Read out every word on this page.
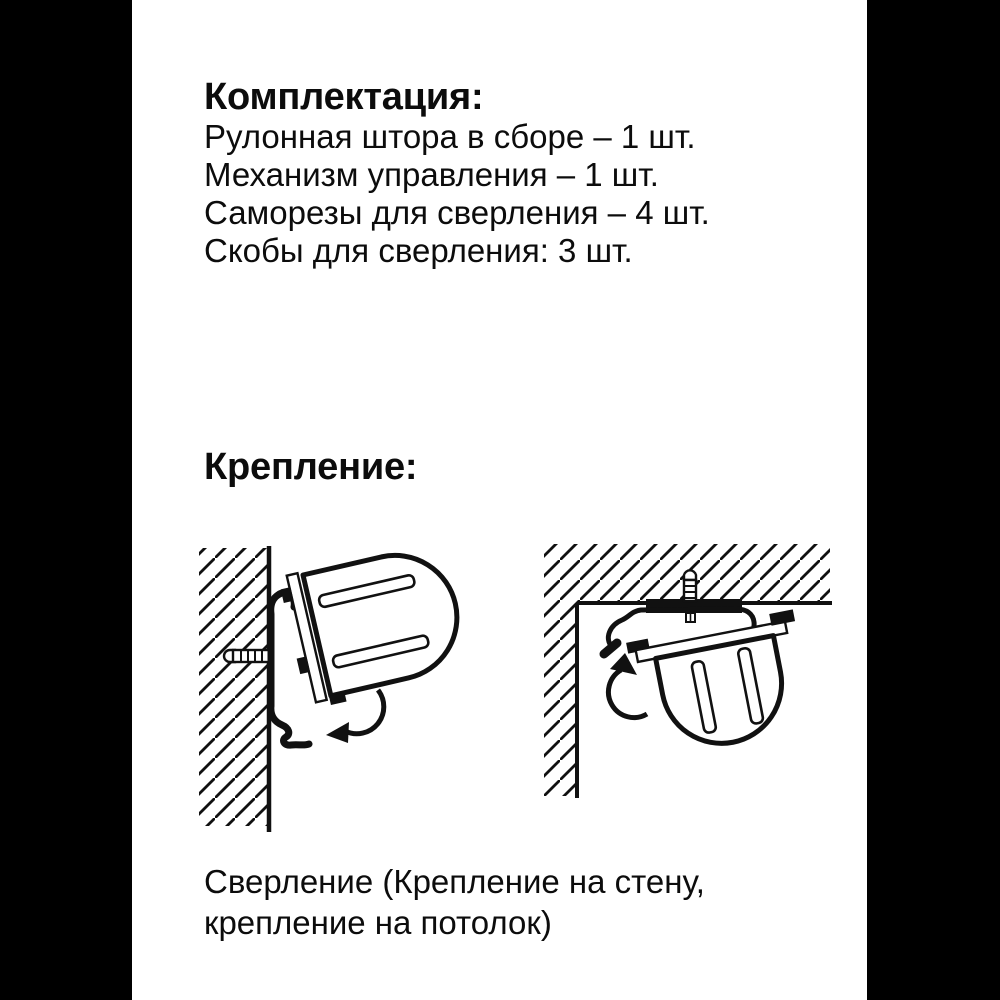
Комплектация:
Рулонная штора в сборе – 1 шт.
Механизм управления – 1 шт.
Саморезы для сверления – 4 шт.
Скобы для сверления: 3 шт.
Крепление:

Сверление (Крепление на стену,
крепление на потолок)
